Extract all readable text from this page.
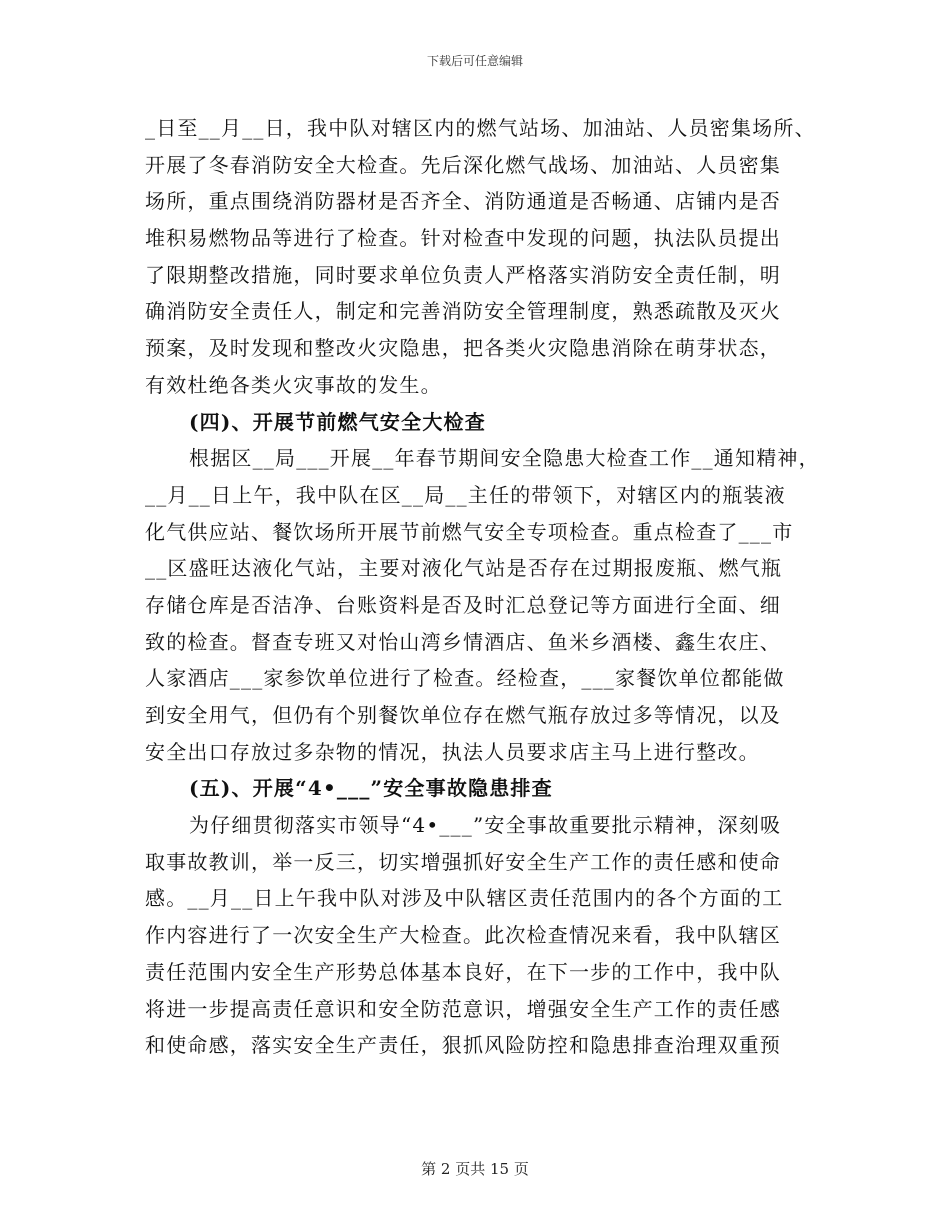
下载后可任意编辑
_日至__月__日，我中队对辖区内的燃气站场、加油站、人员密集场所、
开展了冬春消防安全大检查。先后深化燃气战场、加油站、人员密集
场所，重点围绕消防器材是否齐全、消防通道是否畅通、店铺内是否
堆积易燃物品等进行了检查。针对检查中发现的问题，执法队员提出
了限期整改措施，同时要求单位负责人严格落实消防安全责任制，明
确消防安全责任人，制定和完善消防安全管理制度，熟悉疏散及灭火
预案，及时发现和整改火灾隐患，把各类火灾隐患消除在萌芽状态，
有效杜绝各类火灾事故的发生。
(四)、开展节前燃气安全大检查
根据区__局___开展__年春节期间安全隐患大检查工作__通知精神，
__月__日上午，我中队在区__局__主任的带领下，对辖区内的瓶装液
化气供应站、餐饮场所开展节前燃气安全专项检查。重点检查了___市
__区盛旺达液化气站，主要对液化气站是否存在过期报废瓶、燃气瓶
存储仓库是否洁净、台账资料是否及时汇总登记等方面进行全面、细
致的检查。督查专班又对怡山湾乡情酒店、鱼米乡酒楼、鑫生农庄、
人家酒店___家参饮单位进行了检查。经检查，___家餐饮单位都能做
到安全用气，但仍有个别餐饮单位存在燃气瓶存放过多等情况，以及
安全出口存放过多杂物的情况，执法人员要求店主马上进行整改。
(五)、开展“4•___”安全事故隐患排查
为仔细贯彻落实市领导“4•___”安全事故重要批示精神，深刻吸
取事故教训，举一反三，切实增强抓好安全生产工作的责任感和使命
感。__月__日上午我中队对涉及中队辖区责任范围内的各个方面的工
作内容进行了一次安全生产大检查。此次检查情况来看，我中队辖区
责任范围内安全生产形势总体基本良好，在下一步的工作中，我中队
将进一步提高责任意识和安全防范意识，增强安全生产工作的责任感
和使命感，落实安全生产责任，狠抓风险防控和隐患排查治理双重预
第 2 页共 15 页
